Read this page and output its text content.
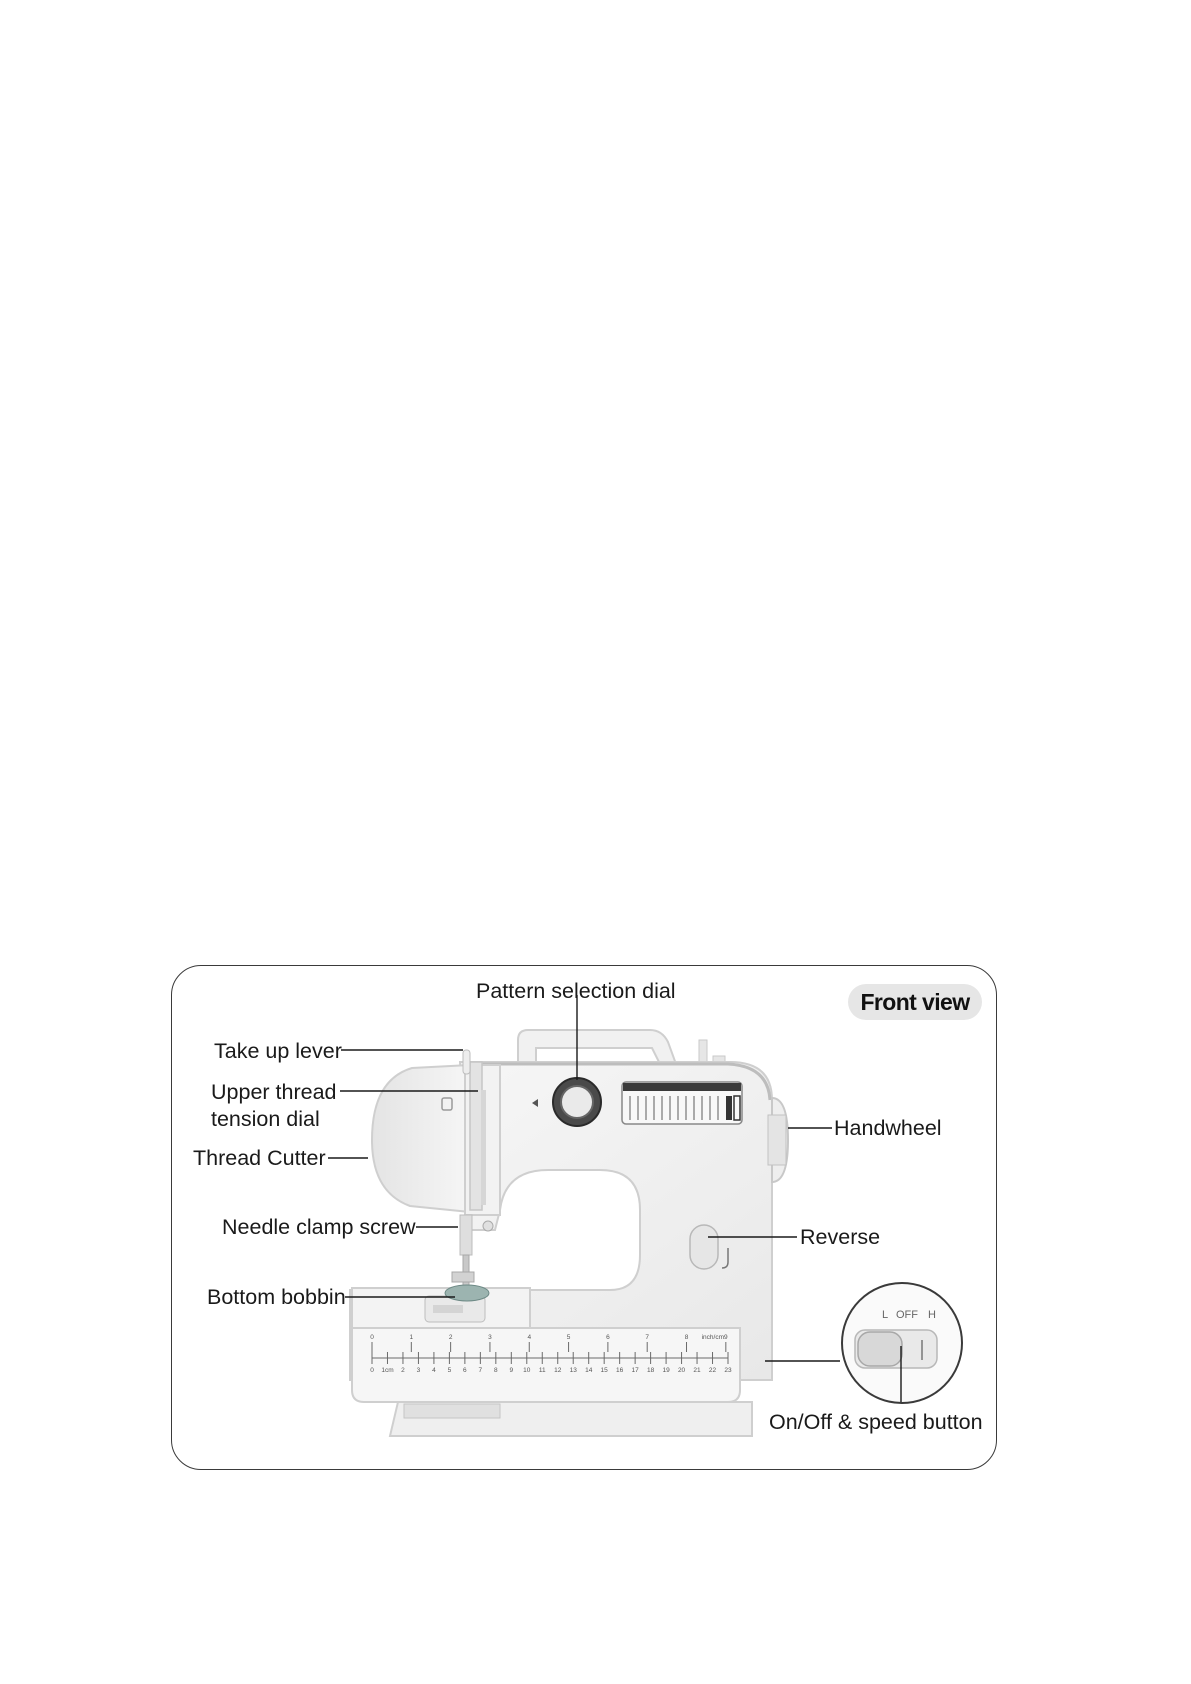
0 1cm 2 3 4 5 6 7 8 9 10 11 12 13 14 15 16 17 18 19 20 21 22 23
0	1	2	3	4	5	6	7	8	9
inch/cm
L OFF H
Front view
Pattern selection dial
Take up lever
Upper thread
tension dial
Thread Cutter
Needle clamp screw
Bottom bobbin
Handwheel
Reverse
On/Off & speed button
